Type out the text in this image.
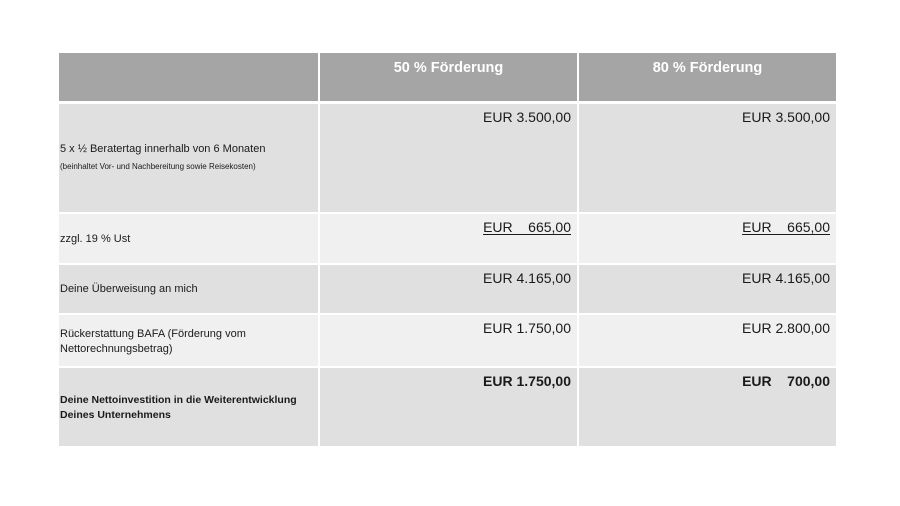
50 % Förderung	80 % Förderung
5 x ½ Beratertag innerhalb von 6 Monaten
(beinhaltet Vor- und Nachbereitung sowie Reisekosten)
EUR 3.500,00	EUR 3.500,00
zzgl. 19 % Ust
EUR    665,00	EUR    665,00
Deine Überweisung an mich
EUR 4.165,00	EUR 4.165,00
Rückerstattung BAFA (Förderung vom Nettorechnungsbetrag)
EUR 1.750,00	EUR 2.800,00
Deine Nettoinvestition in die Weiterentwicklung Deines Unternehmens
EUR 1.750,00	EUR    700,00
